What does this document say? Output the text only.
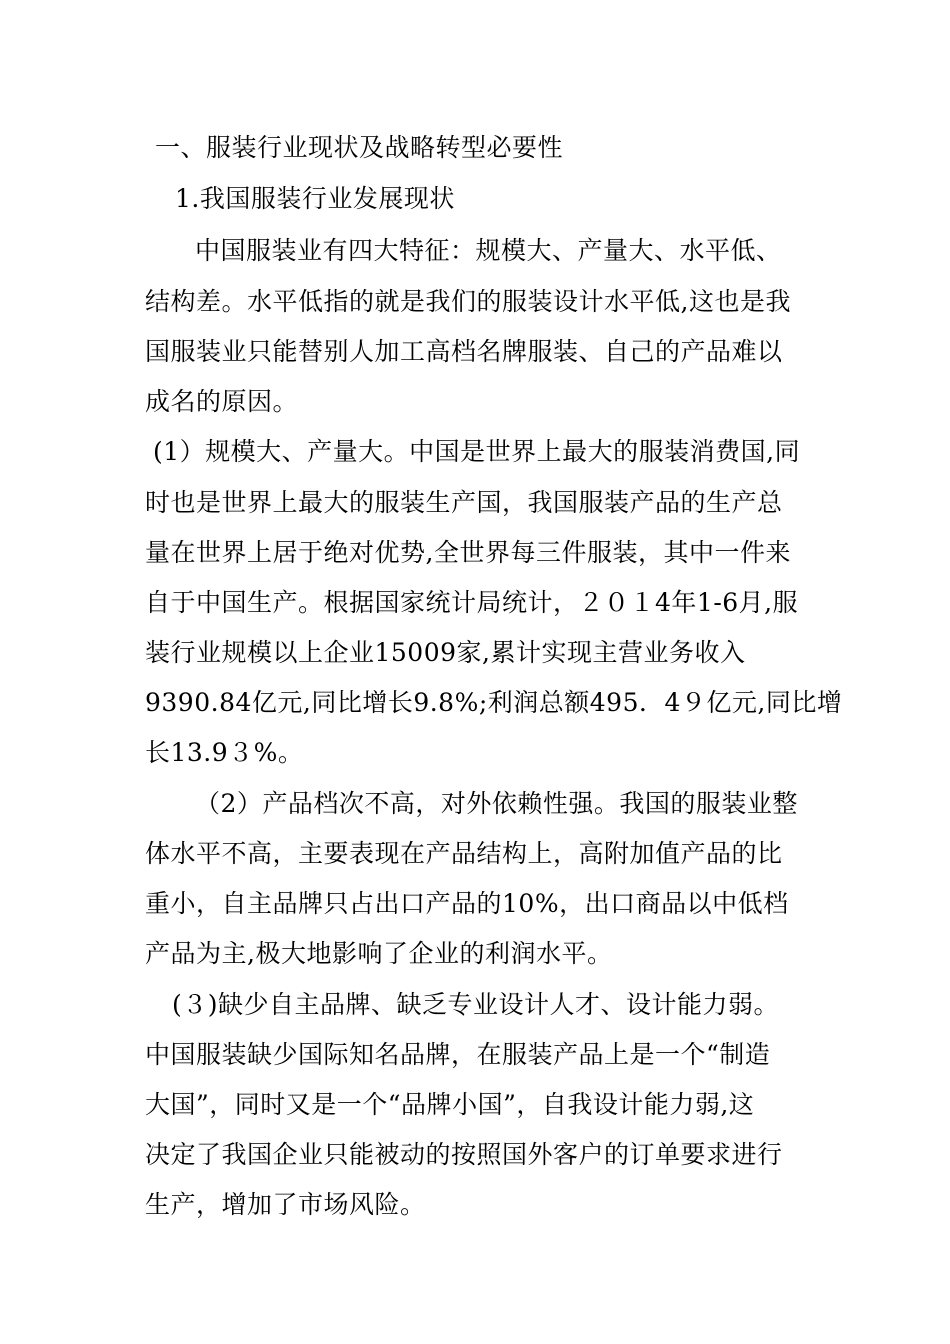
一、服装行业现状及战略转型必要性
1.我国服装行业发展现状
中国服装业有四大特征：规模大、产量大、水平低、
结构差。水平低指的就是我们的服装设计水平低,这也是我
国服装业只能替别人加工高档名牌服装、自己的产品难以
成名的原因。
(1）规模大、产量大。中国是世界上最大的服装消费国,同
时也是世界上最大的服装生产国，我国服装产品的生产总
量在世界上居于绝对优势,全世界每三件服装，其中一件来
自于中国生产。根据国家统计局统计，２０１4年1-6月,服
装行业规模以上企业15009家,累计实现主营业务收入
9390.84亿元,同比增长9.8%;利润总额495．4９亿元,同比增
长13.9３%。
（2）产品档次不高，对外依赖性强。我国的服装业整
体水平不高，主要表现在产品结构上，高附加值产品的比
重小，自主品牌只占出口产品的10%，出口商品以中低档
产品为主,极大地影响了企业的利润水平。
(３)缺少自主品牌、缺乏专业设计人才、设计能力弱。
中国服装缺少国际知名品牌，在服装产品上是一个“制造
大国”，同时又是一个“品牌小国”，自我设计能力弱,这
决定了我国企业只能被动的按照国外客户的订单要求进行
生产，增加了市场风险。
